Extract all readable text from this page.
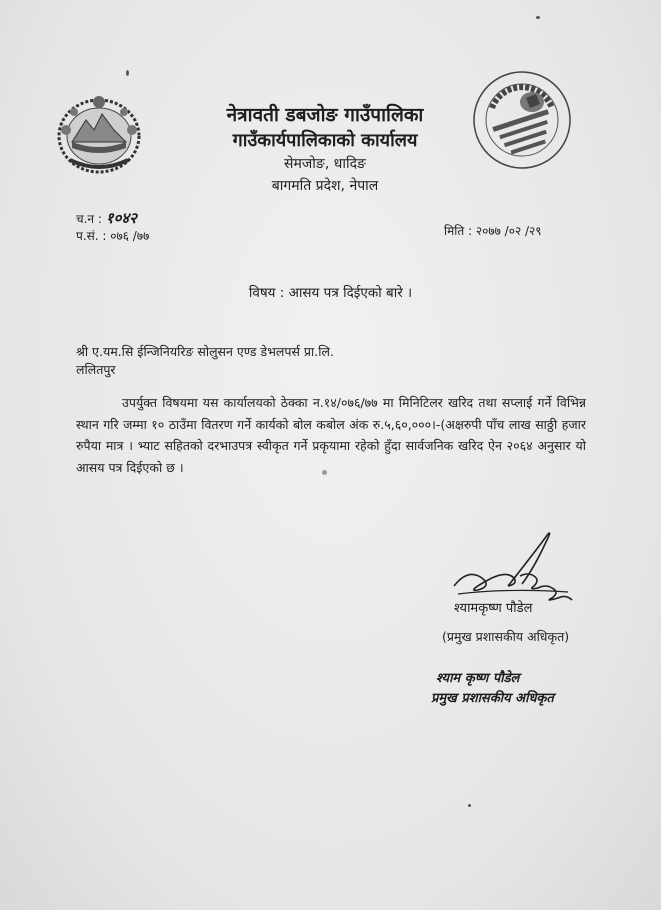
नेत्रावती डबजोङ गाउँपालिका
गाउँकार्यपालिकाको कार्यालय
सेमजोङ, धादिङ
बागमति प्रदेश, नेपाल
च.न : १०४२
प.सं. : ०७६ /७७	मिति : २०७७ /०२ /२९
विषय : आसय पत्र दिईएको बारे ।
श्री ए.यम.सि ईन्जिनियरिङ सोलुसन एण्ड डेभलपर्स प्रा.लि.
ललितपुर
उपर्युक्त विषयमा यस कार्यालयको ठेक्का न.१४/०७६/७७ मा मिनिटिलर खरिद तथा सप्लाई गर्ने विभिन्न स्थान गरि जम्मा १० ठाउँमा वितरण गर्ने कार्यको बोल कबोल अंक रु.५,६०,०००।-(अक्षरुपी पाँच लाख साठ्ठी हजार रुपैया मात्र । भ्याट सहितको दरभाउपत्र स्वीकृत गर्ने प्रकृयामा रहेको हुँदा सार्वजनिक खरिद ऐन २०६४ अनुसार यो आसय पत्र दिईएको छ ।
श्यामकृष्ण पौडेल
(प्रमुख प्रशासकीय अधिकृत)
श्याम कृष्ण पौडेल
प्रमुख प्रशासकीय अधिकृत
